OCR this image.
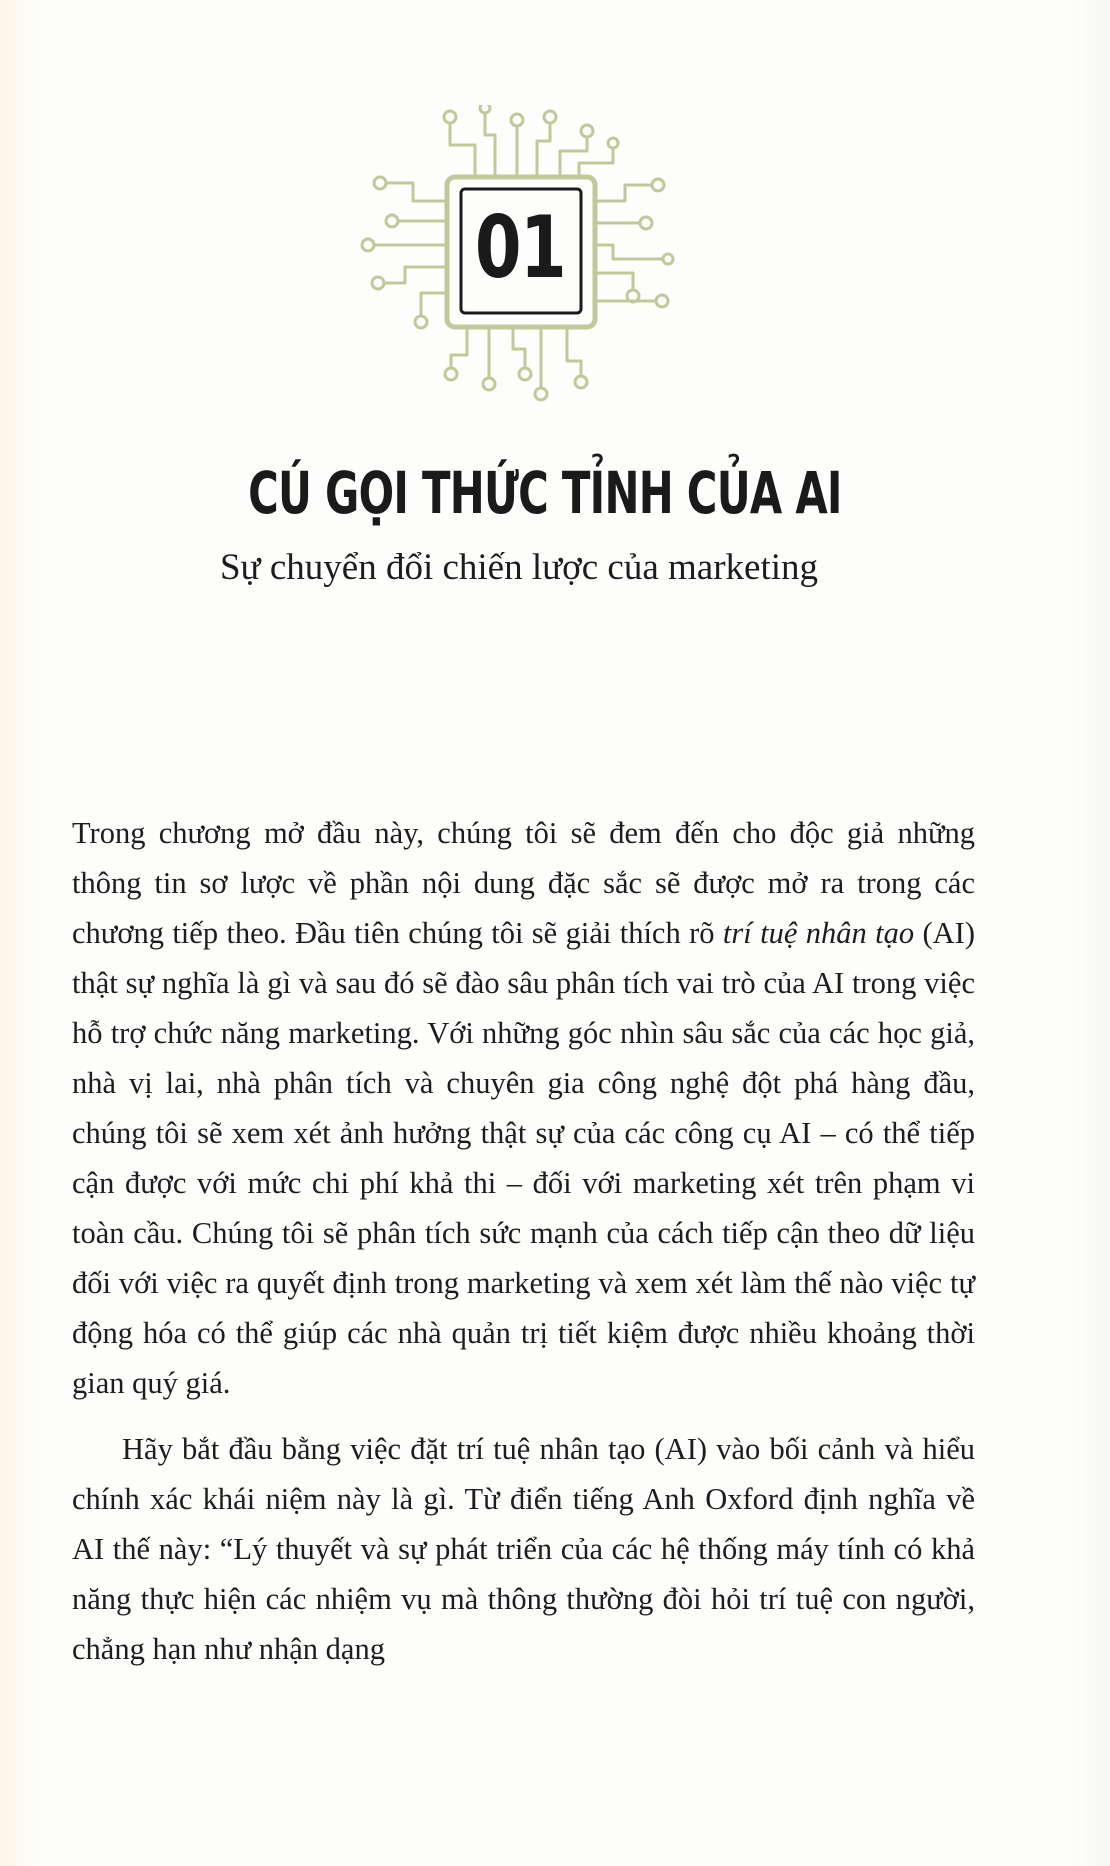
01
CÚ GỌI THỨC TỈNH CỦA AI
Sự chuyển đổi chiến lược của marketing

Trong chương mở đầu này, chúng tôi sẽ đem đến cho độc giả những thông tin sơ lược về phần nội dung đặc sắc sẽ được mở ra trong các chương tiếp theo. Đầu tiên chúng tôi sẽ giải thích rõ trí tuệ nhân tạo (AI) thật sự nghĩa là gì và sau đó sẽ đào sâu phân tích vai trò của AI trong việc hỗ trợ chức năng marketing. Với những góc nhìn sâu sắc của các học giả, nhà vị lai, nhà phân tích và chuyên gia công nghệ đột phá hàng đầu, chúng tôi sẽ xem xét ảnh hưởng thật sự của các công cụ AI – có thể tiếp cận được với mức chi phí khả thi – đối với marketing xét trên phạm vi toàn cầu. Chúng tôi sẽ phân tích sức mạnh của cách tiếp cận theo dữ liệu đối với việc ra quyết định trong marketing và xem xét làm thế nào việc tự động hóa có thể giúp các nhà quản trị tiết kiệm được nhiều khoảng thời gian quý giá.

Hãy bắt đầu bằng việc đặt trí tuệ nhân tạo (AI) vào bối cảnh và hiểu chính xác khái niệm này là gì. Từ điển tiếng Anh Oxford định nghĩa về AI thế này: “Lý thuyết và sự phát triển của các hệ thống máy tính có khả năng thực hiện các nhiệm vụ mà thông thường đòi hỏi trí tuệ con người, chẳng hạn như nhận dạng
